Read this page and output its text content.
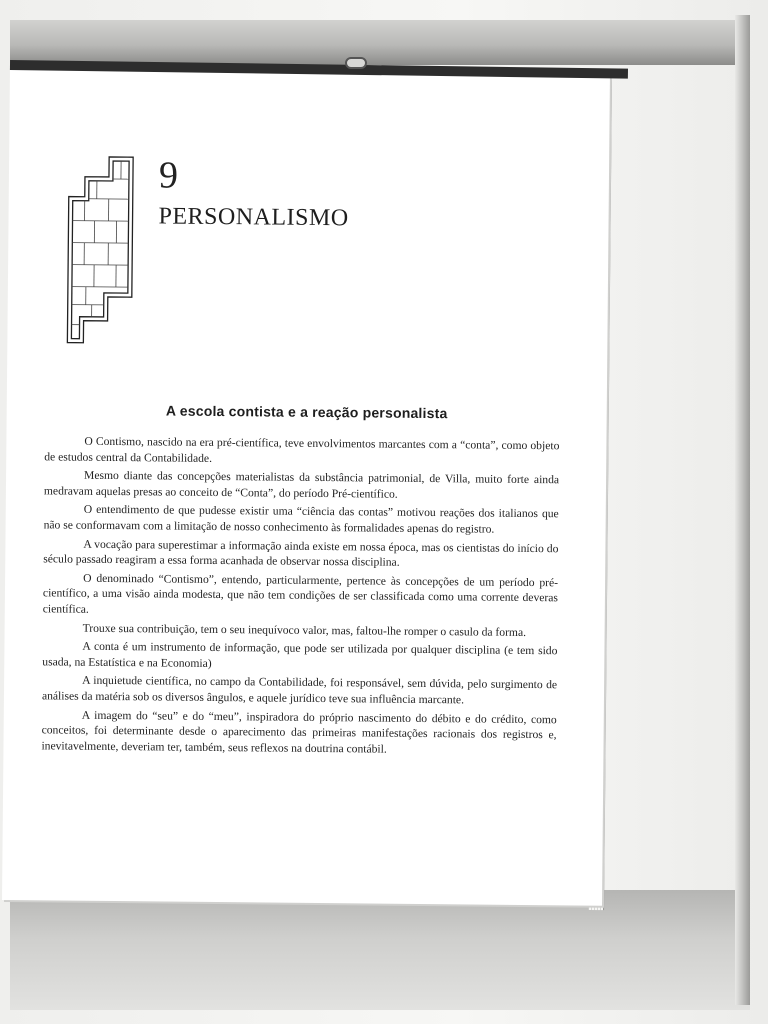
9
PERSONALISMO
A escola contista e a reação personalista

O Contismo, nascido na era pré-científica, teve envolvimentos marcantes com a “conta”, como objeto de estudos central da Contabilidade.

Mesmo diante das concepções materialistas da substância patrimonial, de Villa, muito forte ainda medravam aquelas presas ao conceito de “Conta”, do período Pré-científico.

O entendimento de que pudesse existir uma “ciência das contas” motivou reações dos italianos que não se conformavam com a limitação de nosso conhecimento às formalidades apenas do registro.

A vocação para superestimar a informação ainda existe em nossa época, mas os cientistas do início do século passado reagiram a essa forma acanhada de observar nossa disciplina.

O denominado “Contismo”, entendo, particularmente, pertence às concepções de um período pré-científico, a uma visão ainda modesta, que não tem condições de ser classificada como uma corrente deveras científica.

Trouxe sua contribuição, tem o seu inequívoco valor, mas, faltou-lhe romper o casulo da forma.

A conta é um instrumento de informação, que pode ser utilizada por qualquer disciplina (e tem sido usada, na Estatística e na Economia)

A inquietude científica, no campo da Contabilidade, foi responsável, sem dúvida, pelo surgimento de análises da matéria sob os diversos ângulos, e aquele jurídico teve sua influência marcante.

A imagem do “seu” e do “meu”, inspiradora do próprio nascimento do débito e do crédito, como conceitos, foi determinante desde o aparecimento das primeiras manifestações racionais dos registros e, inevitavelmente, deveriam ter, também, seus reflexos na doutrina contábil.
